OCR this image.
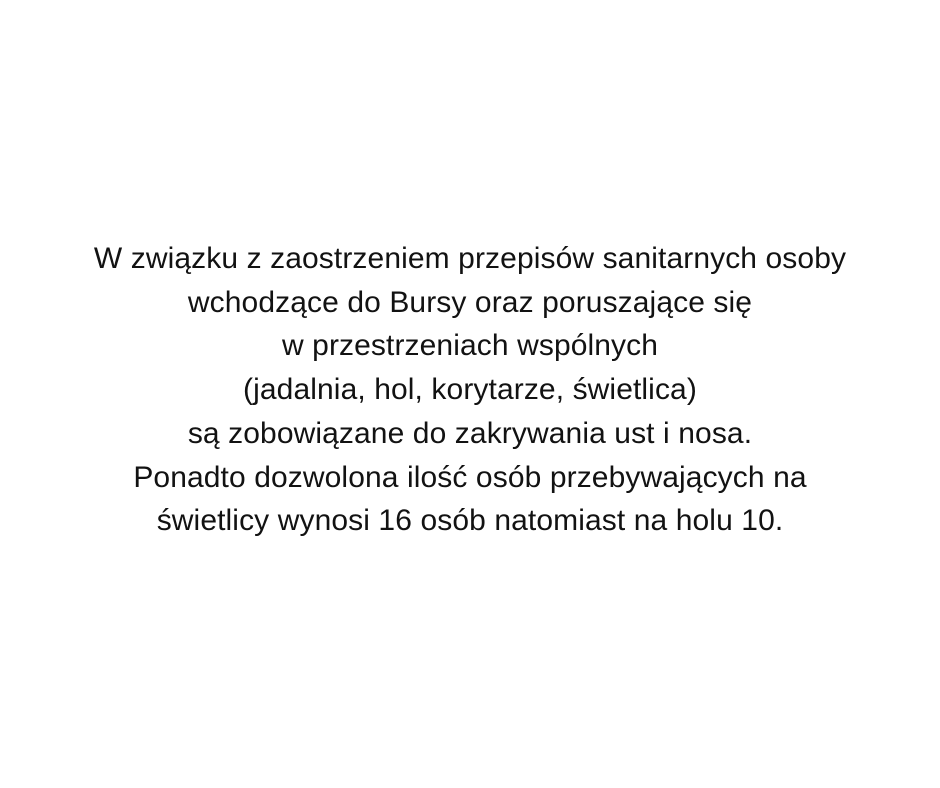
W związku z zaostrzeniem przepisów sanitarnych osoby
wchodzące do Bursy oraz poruszające się
w przestrzeniach wspólnych
(jadalnia, hol, korytarze, świetlica)
są zobowiązane do zakrywania ust i nosa.
Ponadto dozwolona ilość osób przebywających na
świetlicy wynosi 16 osób natomiast na holu 10.
